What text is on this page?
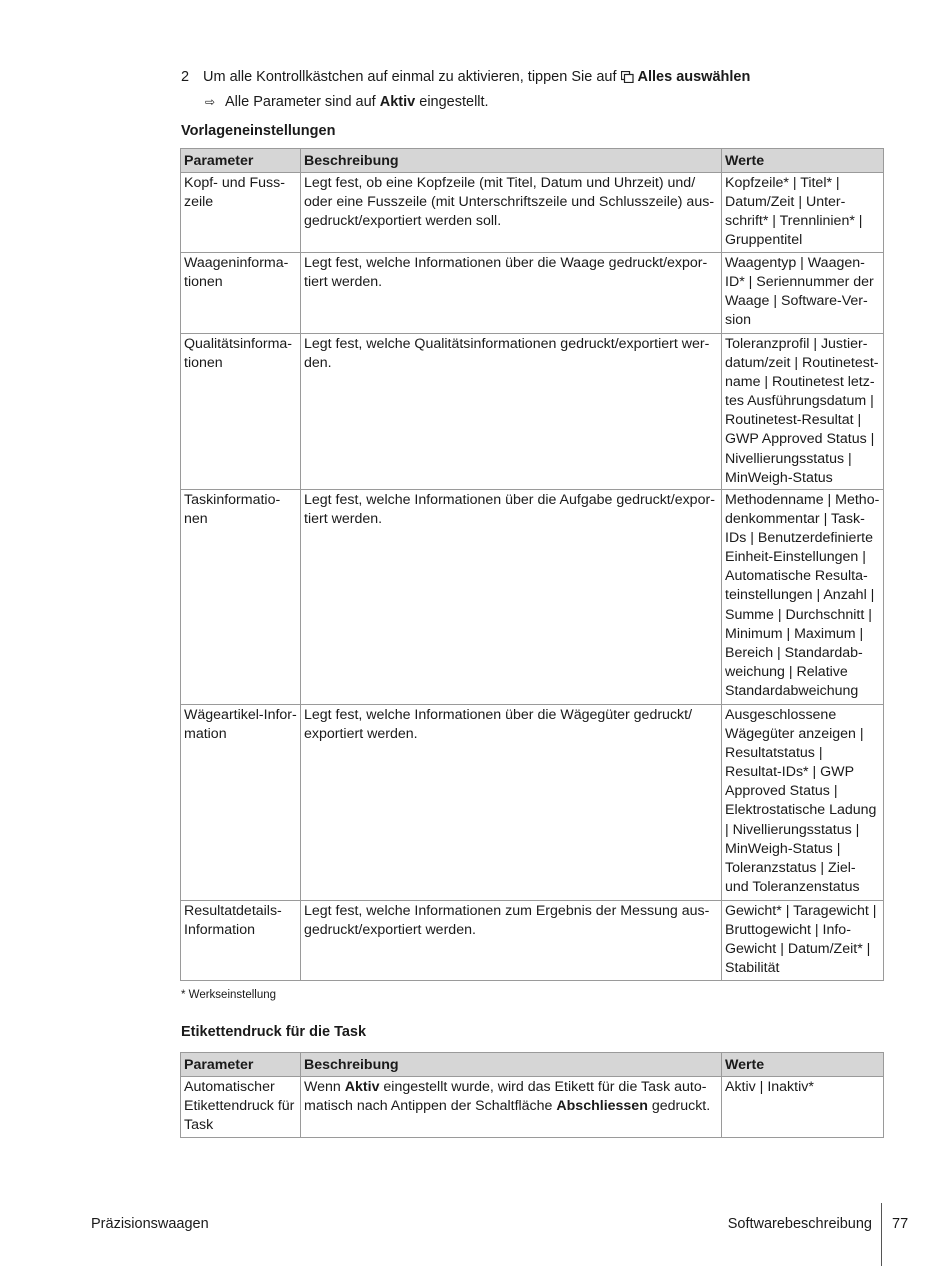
2 Um alle Kontrollkästchen auf einmal zu aktivieren, tippen Sie auf Alles auswählen
⇨ Alle Parameter sind auf Aktiv eingestellt.
Vorlageneinstellungen
Parameter	Beschreibung	Werte
Kopf- und Fusszeile	Legt fest, ob eine Kopfzeile (mit Titel, Datum und Uhrzeit) und/ oder eine Fusszeile (mit Unterschriftszeile und Schlusszeile) ausgedruckt/exportiert werden soll.	Kopfzeile* | Titel* | Datum/Zeit | Unterschrift* | Trennlinien* | Gruppentitel
Waageninformationen	Legt fest, welche Informationen über die Waage gedruckt/exportiert werden.	Waagentyp | Waagen-ID* | Seriennummer der Waage | Software-Version
Qualitätsinformationen	Legt fest, welche Qualitätsinformationen gedruckt/exportiert werden.	Toleranzprofil | Justierdatum/zeit | Routinetestname | Routinetest letztes Ausführungsdatum | Routinetest-Resultat | GWP Approved Status | Nivellierungsstatus | MinWeigh-Status
Taskinformationen	Legt fest, welche Informationen über die Aufgabe gedruckt/exportiert werden.	Methodenname | Methodenkommentar | Task-IDs | Benutzerdefinierte Einheit-Einstellungen | Automatische Resultateinstellungen | Anzahl | Summe | Durchschnitt | Minimum | Maximum | Bereich | Standardabweichung | Relative Standardabweichung
Wägeartikel-Information	Legt fest, welche Informationen über die Wägegüter gedruckt/ exportiert werden.	Ausgeschlossene Wägegüter anzeigen | Resultatstatus | Resultat-IDs* | GWP Approved Status | Elektrostatische Ladung | Nivellierungsstatus | MinWeigh-Status | Toleranzstatus | Ziel- und Toleranzenstatus
Resultatdetails-Information	Legt fest, welche Informationen zum Ergebnis der Messung ausgedruckt/exportiert werden.	Gewicht* | Taragewicht | Bruttogewicht | Info-Gewicht | Datum/Zeit* | Stabilität
* Werkseinstellung
Etikettendruck für die Task
Parameter	Beschreibung	Werte
Automatischer Etikettendruck für Task	Wenn Aktiv eingestellt wurde, wird das Etikett für die Task automatisch nach Antippen der Schaltfläche Abschliessen gedruckt.	Aktiv | Inaktiv*
Präzisionswaagen	Softwarebeschreibung 77
